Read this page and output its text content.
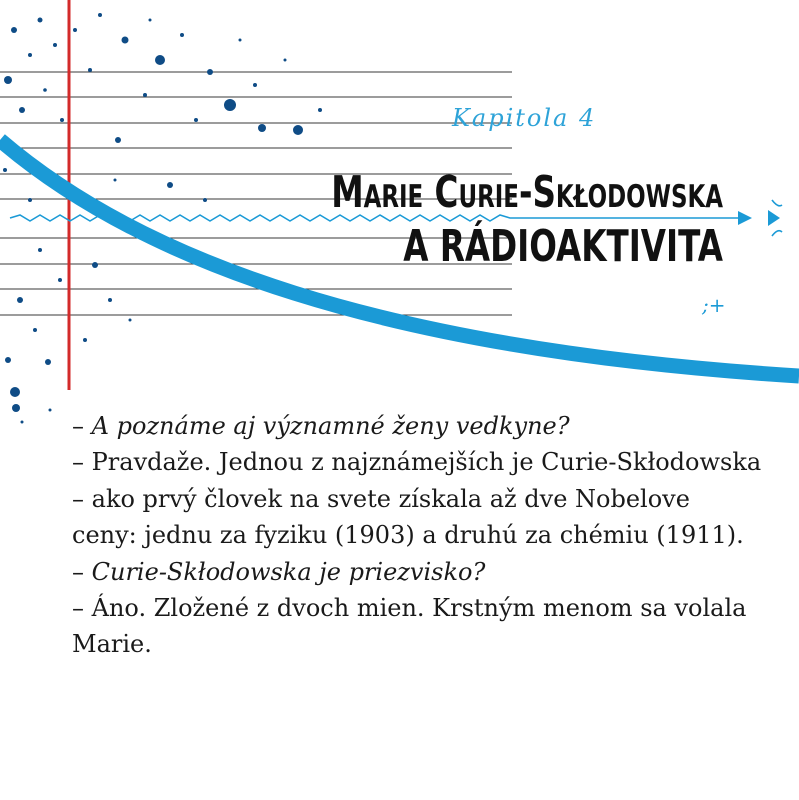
;+
Kapitola 4
Marie Curie-Skłodowska
A RÁDIOAKTIVITA
– A poznáme aj významné ženy vedkyne?
– Pravdaže. Jednou z najznámejších je Curie-Skłodowska – ako prvý človek na svete získala až dve Nobelove ceny: jednu za fyziku (1903) a druhú za chémiu (1911).
– Curie-Skłodowska je priezvisko?
– Áno. Zložené z dvoch mien. Krstným menom sa volala Marie.
